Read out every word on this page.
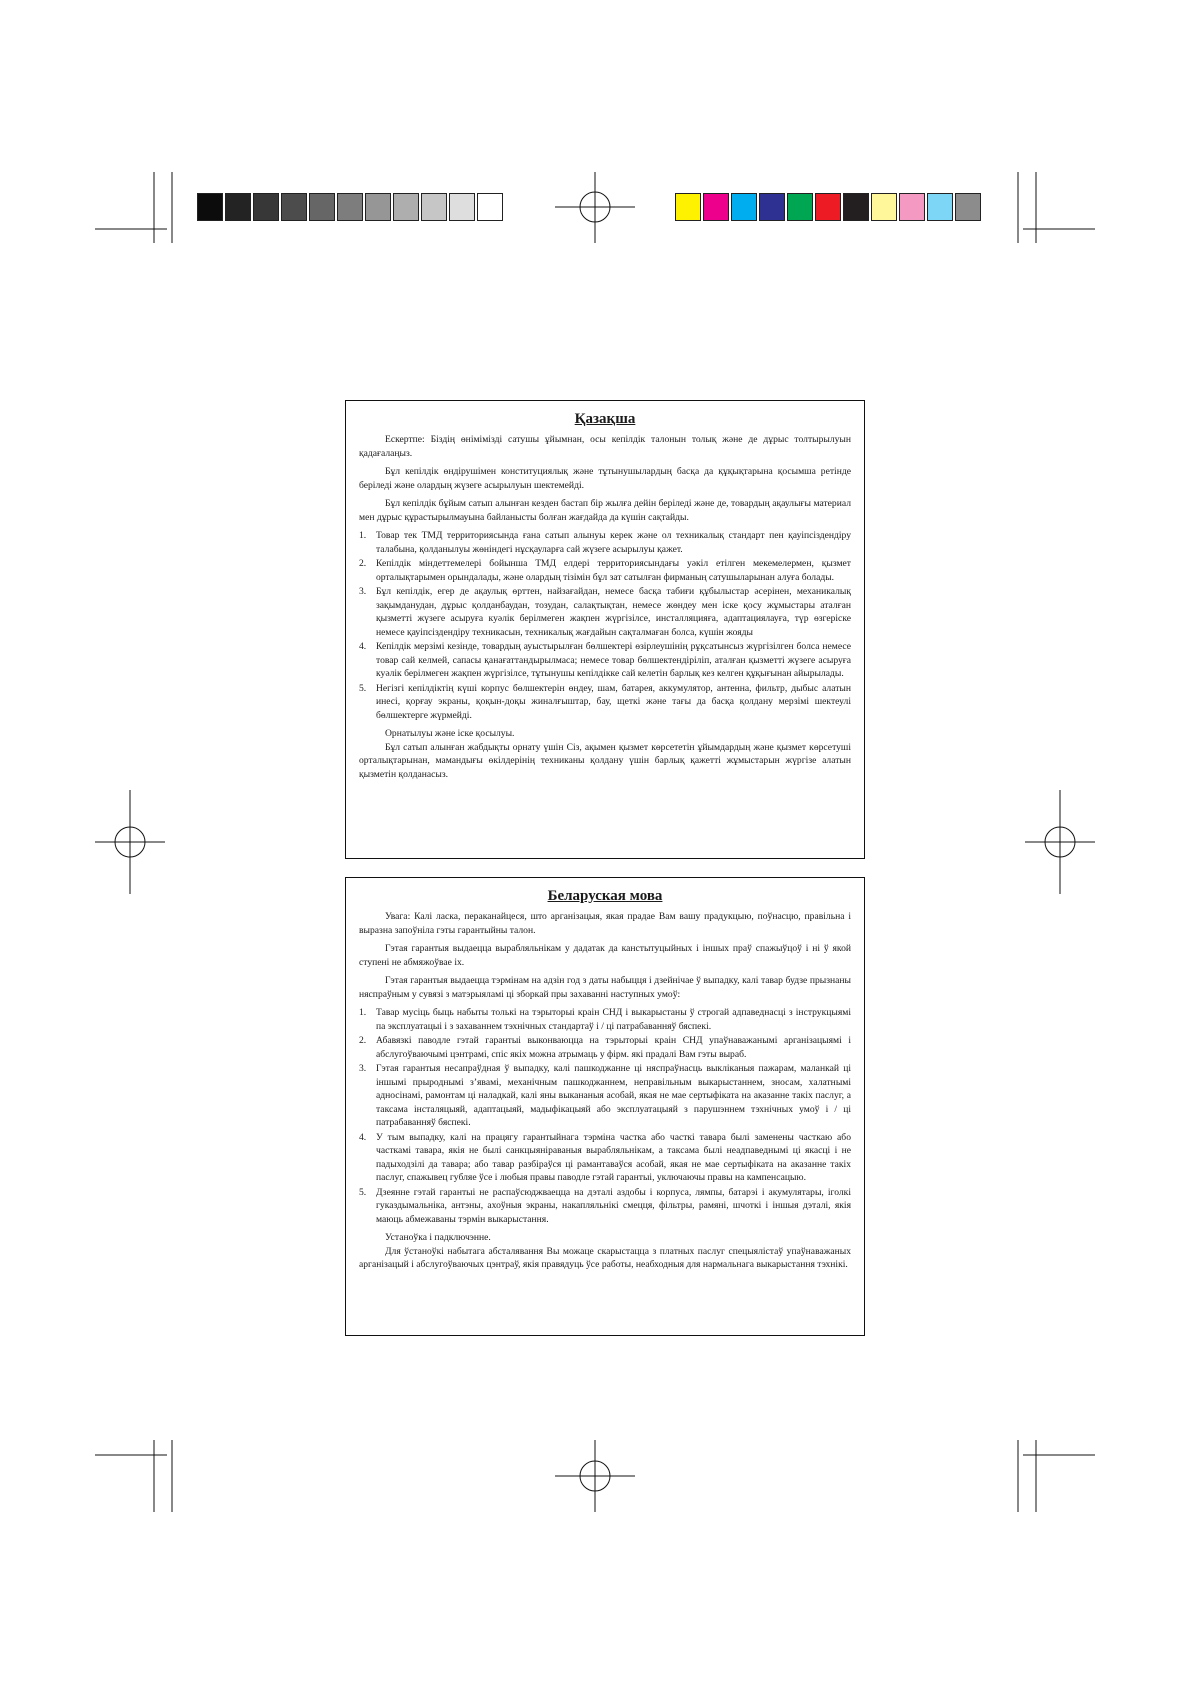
Қазақша

Ескертпе: Біздің өнімімізді сатушы ұйымнан, осы кепілдік талонын толық және де дұрыс толтырылуын қадағалаңыз.

Бұл кепілдік өндірушімен конституциялық және тұтынушылардың басқа да құқықтарына қосымша ретінде беріледі және олардың жүзеге асырылуын шектемейді.

Бұл кепілдік бұйым сатып алынған кезден бастап бір жылға дейін беріледі және де, товардың ақаулығы материал мен дұрыс құрастырылмауына байланысты болған жағдайда да күшін сақтайды.

1. Товар тек ТМД территориясында ғана сатып алынуы керек және ол техникалық стандарт пен қауіпсіздендіру талабына, қолданылуы жөніндегі нұсқауларға сай жүзеге асырылуы қажет.
2. Кепілдік міндеттемелері бойынша ТМД елдері территориясындағы уәкіл етілген мекемелермен, қызмет орталықтарымен орындалады, және олардың тізімін бұл зат сатылған фирманың сатушыларынан алуға болады.
3. Бұл кепілдік, егер де ақаулық өрттен, найзағайдан, немесе басқа табиғи құбылыстар әсерінен, механикалық зақымданудан, дұрыс қолданбаудан, тозудан, салақтықтан, немесе жөндеу мен іске қосу жұмыстары аталған қызметті жүзеге асыруға куәлік берілмеген жақпен жүргізілсе, инсталляцияға, адаптациялауға, түр өзгеріске немесе қауіпсіздендіру техникасын, техникалық жағдайын сақталмаған болса, күшін жояды
4. Кепілдік мерзімі кезінде, товардың ауыстырылған бөлшектері өзірлеушінің рұқсатынсыз жүргізілген болса немесе товар сай келмей, сапасы қанағаттандырылмаса; немесе товар бөлшектендіріліп, аталған қызметті жүзеге асыруға куәлік берілмеген жақпен жүргізілсе, тұтынушы кепілдікке сай келетін барлық кез келген құқығынан айырылады.
5. Негізгі кепілдіктің күші корпус бөлшектерін өндеу, шам, батарея, аккумулятор, антенна, фильтр, дыбыс алатын инесі, қорғау экраны, қоқын-доқы жиналғыштар, бау, щеткі және тағы да басқа қолдану мерзімі шектеулі бөлшектерге жүрмейді.

Орнатылуы және іске қосылуы.

Бұл сатып алынған жабдықты орнату үшін Сіз, ақымен қызмет көрсететін ұйымдардың және қызмет көрсетуші орталықтарынан, мамандығы өкілдерінің техниканы қолдану үшін барлық қажетті жұмыстарын жүргізе алатын қызметін қолданасыз.

Беларуская мова

Увага: Калі ласка, пераканайцеся, што арганізацыя, якая прадае Вам вашу прадукцыю, поўнасцю, правільна і выразна запоўніла гэты гарантыйны талон.

Гэтая гарантыя выдаецца вырабляльнікам у дадатак да канстытуцыйных і іншых праў спажыўцоў і ні ў якой ступені не абмяжоўвае іх.

Гэтая гарантыя выдаецца тэрмінам на адзін год з даты набыцця і дзейнічае ў выпадку, калі тавар будзе прызнаны няспраўным у сувязі з матэрыяламі ці зборкай пры захаванні наступных умоў:

1. Тавар мусіць быць набыты толькі на тэрыторыі краін СНД і выкарыстаны ў строгай адпаведнасці з інструкцыямі па эксплуатацыі і з захаваннем тэхнічных стандартаў і / ці патрабаванняў бяспекі.
2. Абавязкі паводле гэтай гарантыі выконваюцца на тэрыторыі краін СНД упаўнаважанымі арганізацыямі і абслугоўваючымі цэнтрамі, спіс якіх можна атрымаць у фірм. які прадалі Вам гэты выраб.
3. Гэтая гарантыя несапраўдная ў выпадку, калі пашкоджанне ці няспраўнасць выкліканыя пажарам, маланкай ці іншымі прыроднымі з’явамі, механічным пашкоджаннем, неправільным выкарыстаннем, зносам, халатнымі адносінамі, рамонтам ці наладкай, калі яны выкананыя асобай, якая не мае сертыфіката на аказанне такіх паслуг, а таксама інсталяцыяй, адаптацыяй, мадыфікацыяй або эксплуатацыяй з парушэннем тэхнічных умоў і / ці патрабаванняў бяспекі.
4. У тым выпадку, калі на працягу гарантыйнага тэрміна частка або часткі тавара былі заменены часткаю або часткамі тавара, якія не былі санкцыяніраваныя вырабляльнікам, а таксама былі неадпаведнымі ці якасці і не падыходзілі да тавара; або тавар разбіраўся ці рамантаваўся асобай, якая не мае сертыфіката на аказанне такіх паслуг, спажывец губляе ўсе і любыя правы паводле гэтай гарантыі, уключаючы правы на кампенсацыю.
5. Дзеянне гэтай гарантыі не распаўсюджваецца на дэталі аздобы і корпуса, лямпы, батарэі і акумулятары, іголкі гуказдымальніка, антэны, ахоўныя экраны, накапляльнікі смецця, фільтры, рамяні, шчоткі і іншыя дэталі, якія маюць абмежаваны тэрмін выкарыстання.

Устаноўка і падключэнне.

Для ўстаноўкі набытага абсталявання Вы можаце скарыстацца з платных паслуг спецыялістаў упаўнаважаных арганізацый і абслугоўваючых цэнтраў, якія правядуць ўсе работы, неабходныя для нармальнага выкарыстання тэхнікі.
